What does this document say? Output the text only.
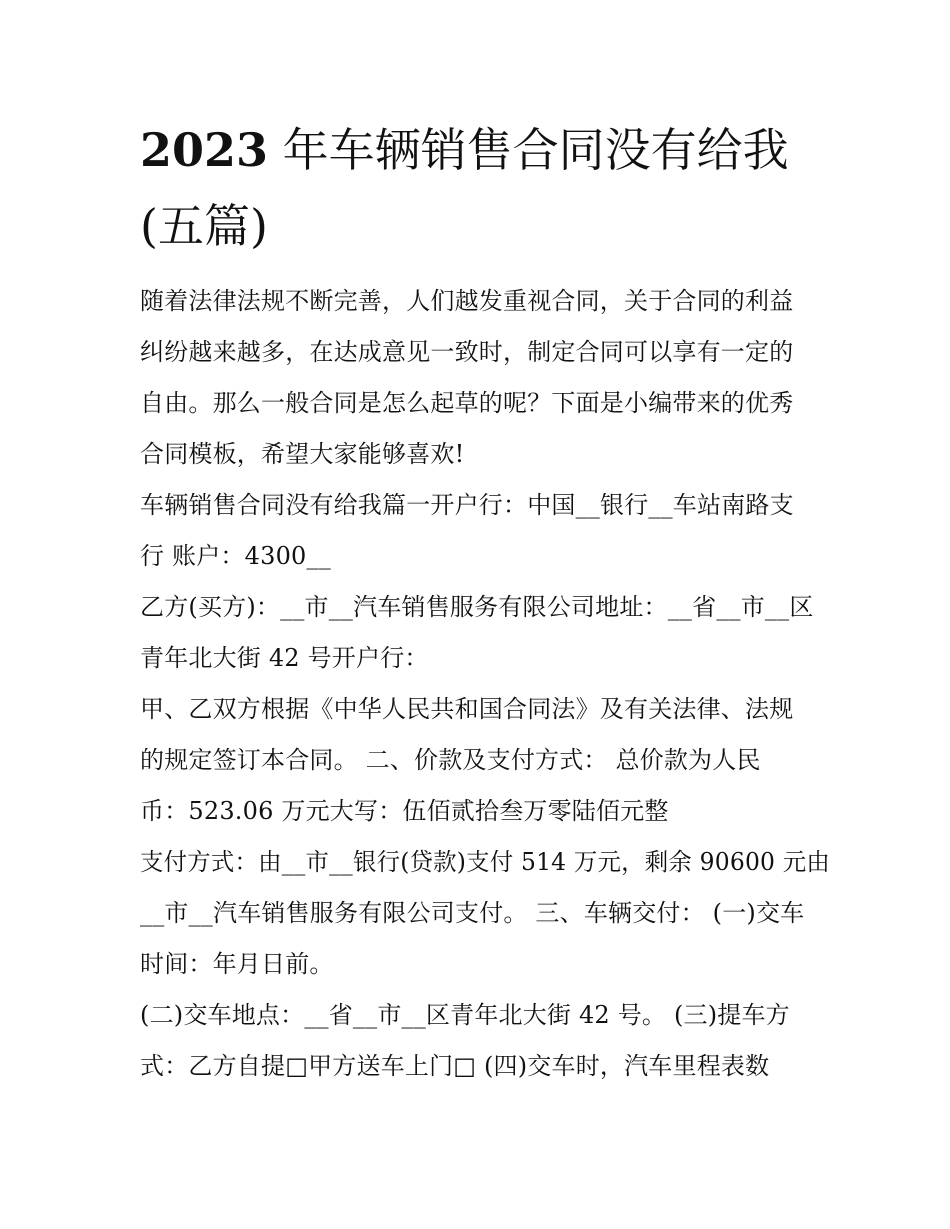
2023 年车辆销售合同没有给我
(五篇)
随着法律法规不断完善，人们越发重视合同，关于合同的利益
纠纷越来越多，在达成意见一致时，制定合同可以享有一定的
自由。那么一般合同是怎么起草的呢？下面是小编带来的优秀
合同模板，希望大家能够喜欢!
车辆销售合同没有给我篇一开户行：中国__银行__车站南路支
行 账户：4300__
乙方(买方)：__市__汽车销售服务有限公司地址：__省__市__区
青年北大街 42 号开户行：
甲、乙双方根据《中华人民共和国合同法》及有关法律、法规
的规定签订本合同。 二、价款及支付方式： 总价款为人民
币：523.06 万元大写：伍佰贰拾叁万零陆佰元整
支付方式：由__市__银行(贷款)支付 514 万元，剩余 90600 元由
__市__汽车销售服务有限公司支付。 三、车辆交付： (一)交车
时间：年月日前。
(二)交车地点：__省__市__区青年北大街 42 号。 (三)提车方
式：乙方自提□甲方送车上门□ (四)交车时，汽车里程表数
